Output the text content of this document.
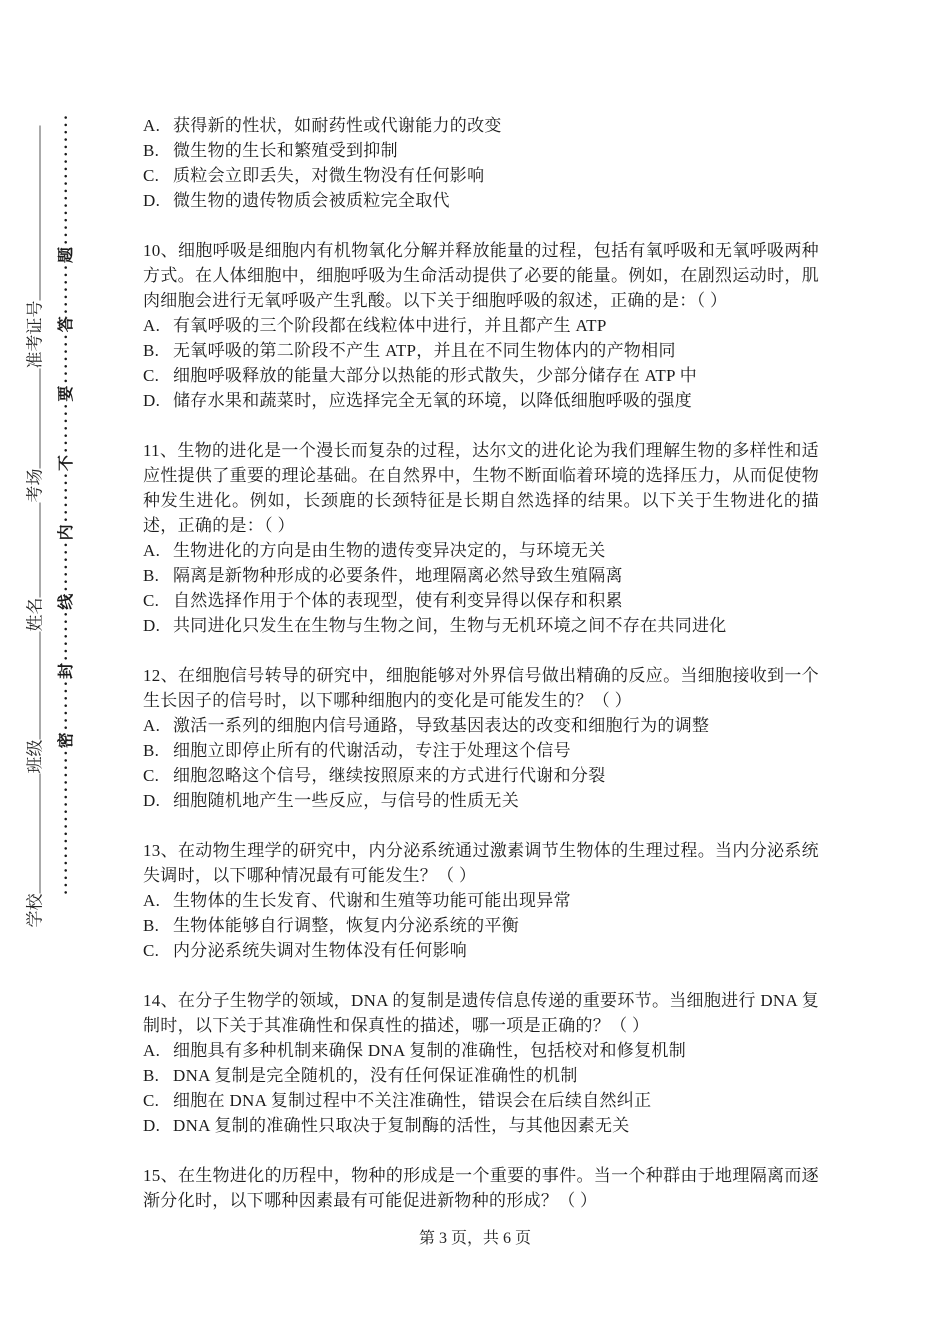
学校班级姓名考场准考证号 ····················密·······封·······线·······内·······不·······要·······答·······题··················	A. 获得新的性状，如耐药性或代谢能力的改变

B. 微生物的生长和繁殖受到抑制

C. 质粒会立即丢失，对微生物没有任何影响

D. 微生物的遗传物质会被质粒完全取代

10、细胞呼吸是细胞内有机物氧化分解并释放能量的过程，包括有氧呼吸和无氧呼吸两种方式。在人体细胞中，细胞呼吸为生命活动提供了必要的能量。例如，在剧烈运动时，肌肉细胞会进行无氧呼吸产生乳酸。以下关于细胞呼吸的叙述，正确的是：（ ）

A. 有氧呼吸的三个阶段都在线粒体中进行，并且都产生 ATP

B. 无氧呼吸的第二阶段不产生 ATP，并且在不同生物体内的产物相同

C. 细胞呼吸释放的能量大部分以热能的形式散失，少部分储存在 ATP 中

D. 储存水果和蔬菜时，应选择完全无氧的环境，以降低细胞呼吸的强度

11、生物的进化是一个漫长而复杂的过程，达尔文的进化论为我们理解生物的多样性和适应性提供了重要的理论基础。在自然界中，生物不断面临着环境的选择压力，从而促使物种发生进化。例如，长颈鹿的长颈特征是长期自然选择的结果。以下关于生物进化的描述，正确的是：（ ）

A. 生物进化的方向是由生物的遗传变异决定的，与环境无关

B. 隔离是新物种形成的必要条件，地理隔离必然导致生殖隔离

C. 自然选择作用于个体的表现型，使有利变异得以保存和积累

D. 共同进化只发生在生物与生物之间，生物与无机环境之间不存在共同进化

12、在细胞信号转导的研究中，细胞能够对外界信号做出精确的反应。当细胞接收到一个生长因子的信号时，以下哪种细胞内的变化是可能发生的？（ ）

A. 激活一系列的细胞内信号通路，导致基因表达的改变和细胞行为的调整

B. 细胞立即停止所有的代谢活动，专注于处理这个信号

C. 细胞忽略这个信号，继续按照原来的方式进行代谢和分裂

D. 细胞随机地产生一些反应，与信号的性质无关

13、在动物生理学的研究中，内分泌系统通过激素调节生物体的生理过程。当内分泌系统失调时，以下哪种情况最有可能发生？（ ）

A. 生物体的生长发育、代谢和生殖等功能可能出现异常

B. 生物体能够自行调整，恢复内分泌系统的平衡

C. 内分泌系统失调对生物体没有任何影响

14、在分子生物学的领域，DNA 的复制是遗传信息传递的重要环节。当细胞进行 DNA 复制时，以下关于其准确性和保真性的描述，哪一项是正确的？（ ）

A. 细胞具有多种机制来确保 DNA 复制的准确性，包括校对和修复机制

B. DNA 复制是完全随机的，没有任何保证准确性的机制

C. 细胞在 DNA 复制过程中不关注准确性，错误会在后续自然纠正

D. DNA 复制的准确性只取决于复制酶的活性，与其他因素无关

15、在生物进化的历程中，物种的形成是一个重要的事件。当一个种群由于地理隔离而逐渐分化时，以下哪种因素最有可能促进新物种的形成？（ ）

第 3 页，共 6 页
